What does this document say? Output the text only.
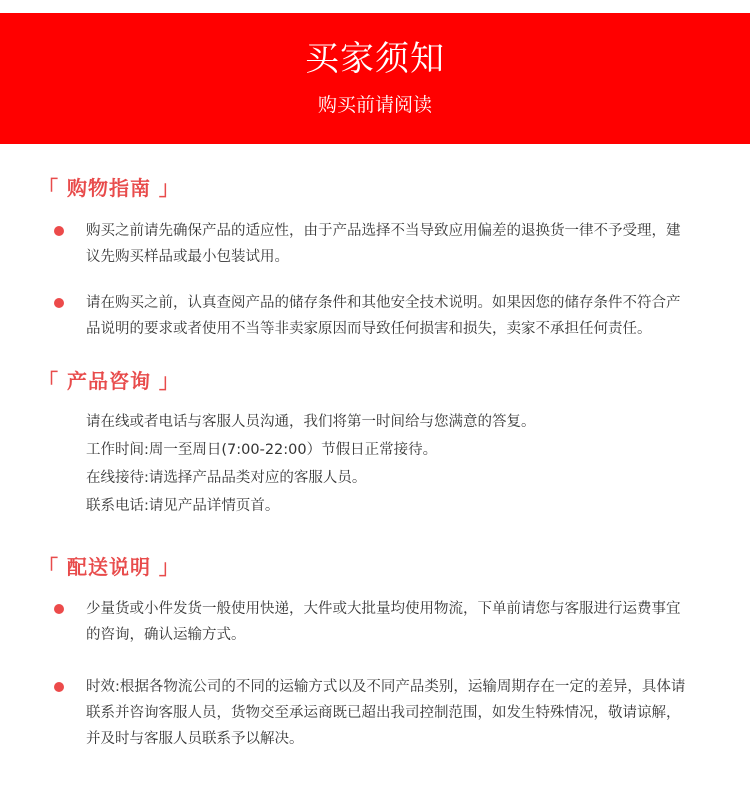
买家须知
购买前请阅读
「 购物指南 」
购买之前请先确保产品的适应性，由于产品选择不当导致应用偏差的退换货一律不予受理，建议先购买样品或最小包装试用。
请在购买之前，认真查阅产品的储存条件和其他安全技术说明。如果因您的储存条件不符合产品说明的要求或者使用不当等非卖家原因而导致任何损害和损失，卖家不承担任何责任。
「 产品咨询 」
请在线或者电话与客服人员沟通，我们将第一时间给与您满意的答复。
工作时间:周一至周日(7:00-22:00）节假日正常接待。
在线接待:请选择产品品类对应的客服人员。
联系电话:请见产品详情页首。
「 配送说明 」
少量货或小件发货一般使用快递，大件或大批量均使用物流，下单前请您与客服进行运费事宜的咨询，确认运输方式。
时效:根据各物流公司的不同的运输方式以及不同产品类别，运输周期存在一定的差异，具体请联系并咨询客服人员，货物交至承运商既已超出我司控制范围，如发生特殊情况，敬请谅解，并及时与客服人员联系予以解决。
